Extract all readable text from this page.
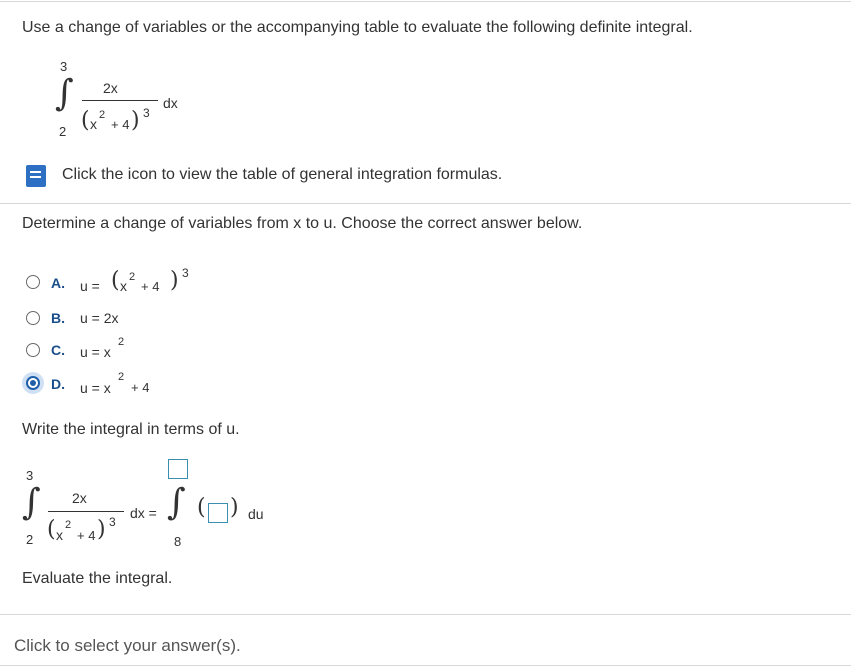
Use a change of variables or the accompanying table to evaluate the following definite integral.
3
∫
2
2x
( x
2
+ 4 ) 3
dx
Click the icon to view the table of general integration formulas.
Determine a change of variables from x to u. Choose the correct answer below.
A. u = ( x
2
+ 4 ) 3
B. u = 2x
C. u = x
2
D. u = x
2
+ 4
Write the integral in terms of u.
3
∫
2
2x
( x
2
+ 4 ) 3
dx = ∫
8
( ) du
Evaluate the integral.
Click to select your answer(s).
